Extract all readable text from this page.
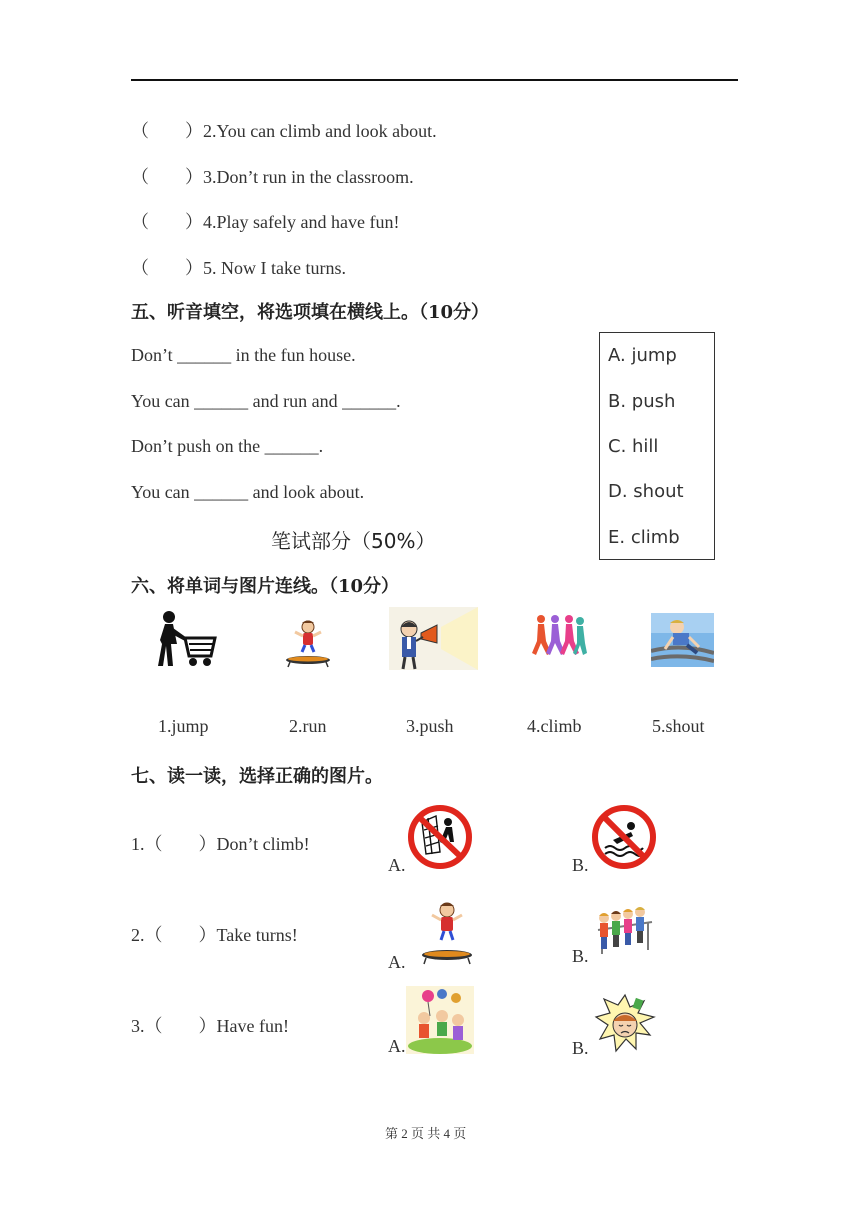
（　　）2.You can climb and look about.
（　　）3.Don’t run in the classroom.
（　　）4.Play safely and have fun!
（　　）5. Now I take turns.
五、听音填空，将选项填在横线上。（10分）
Don’t ______ in the fun house.
You can ______ and run and ______.
Don’t push on the ______.
You can ______ and look about.
A. jump
B. push
C. hill
D. shout
E. climb
笔试部分（50%）
六、将单词与图片连线。（10分）
1.jump	2.run	3.push	4.climb	5.shout
七、读一读，选择正确的图片。
1.（　　）Don’t climb!
A.	B.
2.（　　）Take turns!
A.	B.
3.（　　）Have fun!
A.	B.
第 2 页 共 4 页
